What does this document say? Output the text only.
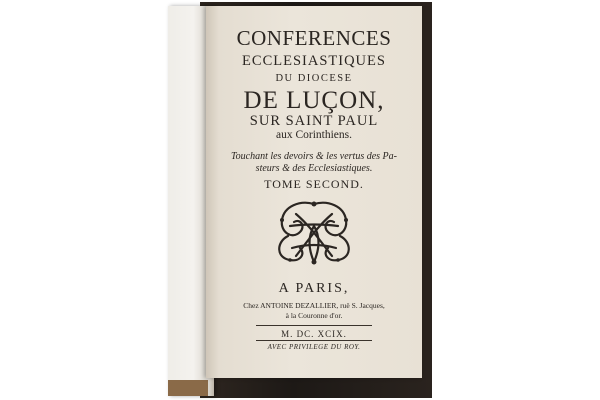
CONFERENCES
ECCLESIASTIQUES
DU DIOCESE
DE LUÇON,
SUR SAINT PAUL
aux Corinthiens.
Touchant les devoirs & les vertus des Pa-
steurs & des Ecclesiastiques.
TOME SECOND.
A PARIS,
Chez ANTOINE DEZALLIER, ruë S. Jacques,
à la Couronne d'or.
M. DC. XCIX.
AVEC PRIVILEGE DU ROY.
